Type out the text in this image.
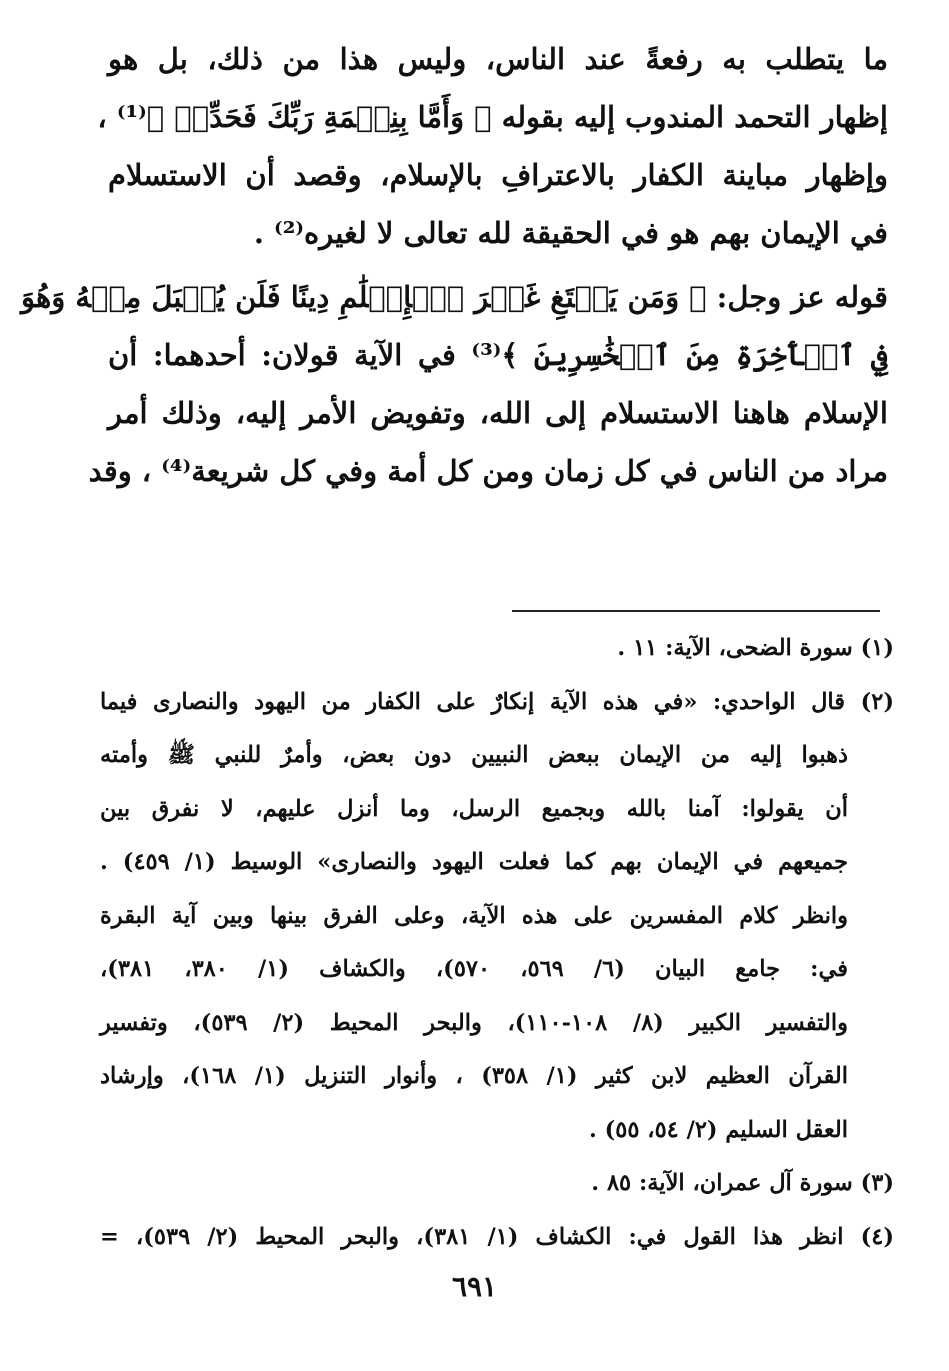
ما يتطلب به رفعةً عند الناس، وليس هذا من ذلك، بل هو
إظهار التحمد المندوب إليه بقوله ﴿ وَأَمَّا بِنِعۡمَةِ رَبِّكَ فَحَدِّثۡ ﴾⁽¹⁾ ،
وإظهار مباينة الكفار بالاعترافِ بالإسلام، وقصد أن الاستسلام
في الإيمان بهم هو في الحقيقة لله تعالى لا لغيره⁽²⁾ .
قوله عز وجل: ﴿ وَمَن يَبۡتَغِ غَيۡرَ ٱلۡإِسۡلَٰمِ دِينًا فَلَن يُقۡبَلَ مِنۡهُ وَهُوَ
فِي ٱلۡأٓخِرَةِ مِنَ ٱلۡخَٰسِرِينَ ﴾⁽³⁾ في الآية قولان: أحدهما: أن
الإسلام هاهنا الاستسلام إلى الله، وتفويض الأمر إليه، وذلك أمر
مراد من الناس في كل زمان ومن كل أمة وفي كل شريعة⁽⁴⁾ ، وقد
(١) سورة الضحى، الآية: ١١ .
(٢) قال الواحدي: «في هذه الآية إنكارٌ على الكفار من اليهود والنصارى فيما
ذهبوا إليه من الإيمان ببعض النبيين دون بعض، وأمرٌ للنبي ﷺ وأمته
أن يقولوا: آمنا بالله وبجميع الرسل، وما أنزل عليهم، لا نفرق بين
جميعهم في الإيمان بهم كما فعلت اليهود والنصارى» الوسيط (١/ ٤٥٩) .
وانظر كلام المفسرين على هذه الآية، وعلى الفرق بينها وبين آية البقرة
في: جامع البيان (٦/ ٥٦٩، ٥٧٠)، والكشاف (١/ ٣٨٠، ٣٨١)،
والتفسير الكبير (٨/ ١٠٨-١١٠)، والبحر المحيط (٢/ ٥٣٩)، وتفسير
القرآن العظيم لابن كثير (١/ ٣٥٨) ، وأنوار التنزيل (١/ ١٦٨)، وإرشاد
العقل السليم (٢/ ٥٤، ٥٥) .
(٣) سورة آل عمران، الآية: ٨٥ .
(٤) انظر هذا القول في: الكشاف (١/ ٣٨١)، والبحر المحيط (٢/ ٥٣٩)، =
٦٩١
